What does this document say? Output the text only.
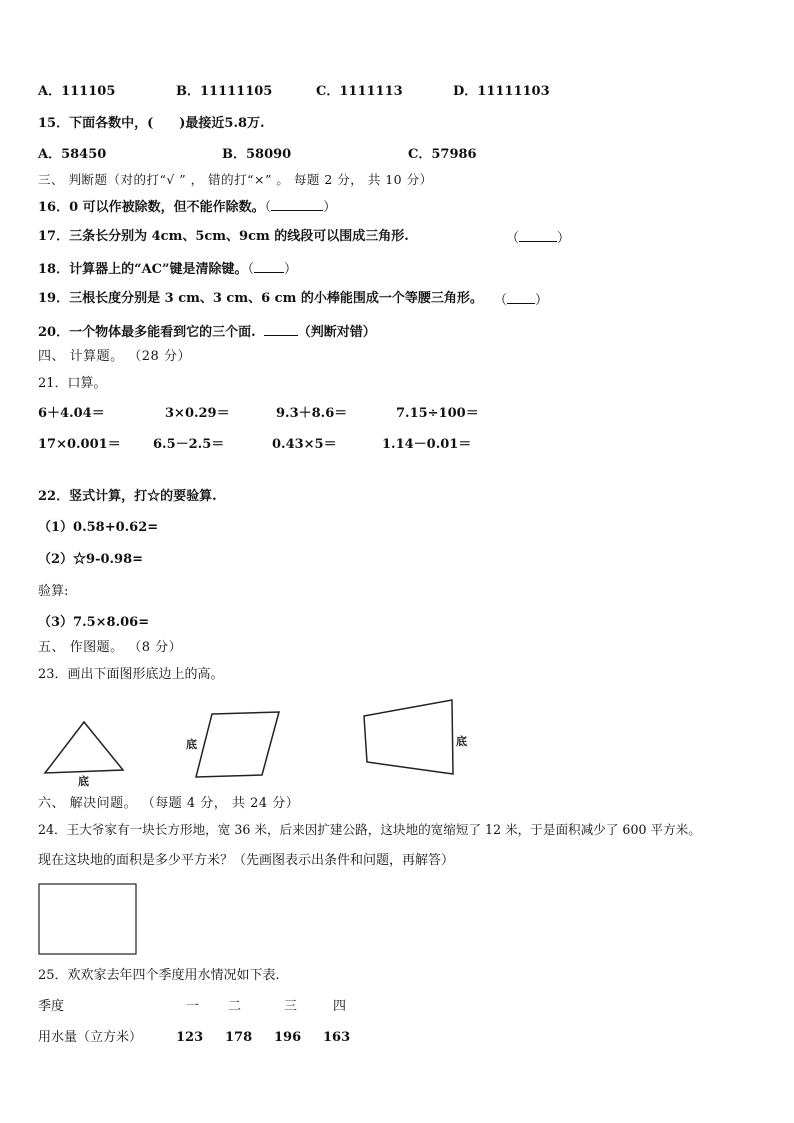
A．111105	B．11111105	C．1111113	D．11111103
15．下面各数中，(　　)最接近5.8万.
A．58450	B．58090	C．57986
三、 判断题（对的打“√ ” ， 错的打“×” 。 每题 2 分， 共 10 分）
16．0 可以作被除数，但不能作除数。（	）
17．三条长分别为 4cm、5cm、9cm 的线段可以围成三角形.	（	）
18．计算器上的“AC”键是清除键。（ ）
19．三根长度分别是 3 cm、3 cm、6 cm 的小棒能围成一个等腰三角形。 （ ）
20．一个物体最多能看到它的三个面.	（判断对错）
四、 计算题。 （28 分）
21．口算。
6＋4.04＝	3×0.29＝	9.3＋8.6＝	7.15÷100＝
17×0.001＝ 6.5－2.5＝	0.43×5＝	1.14－0.01＝
22．竖式计算，打☆的要验算.
（1）0.58+0.62=
（2）☆9-0.98=
验算:
（3）7.5×8.06=
五、 作图题。 （8 分）
23．画出下面图形底边上的高。
底
底	底
六、 解决问题。 （每题 4 分， 共 24 分）
24．王大爷家有一块长方形地，宽 36 米，后来因扩建公路，这块地的宽缩短了 12 米，于是面积减少了 600 平方米。
现在这块地的面积是多少平方米？（先画图表示出条件和问题，再解答）
25．欢欢家去年四个季度用水情况如下表.
季度	一 二	三	四
用水量（立方米）	123 178 196 163
